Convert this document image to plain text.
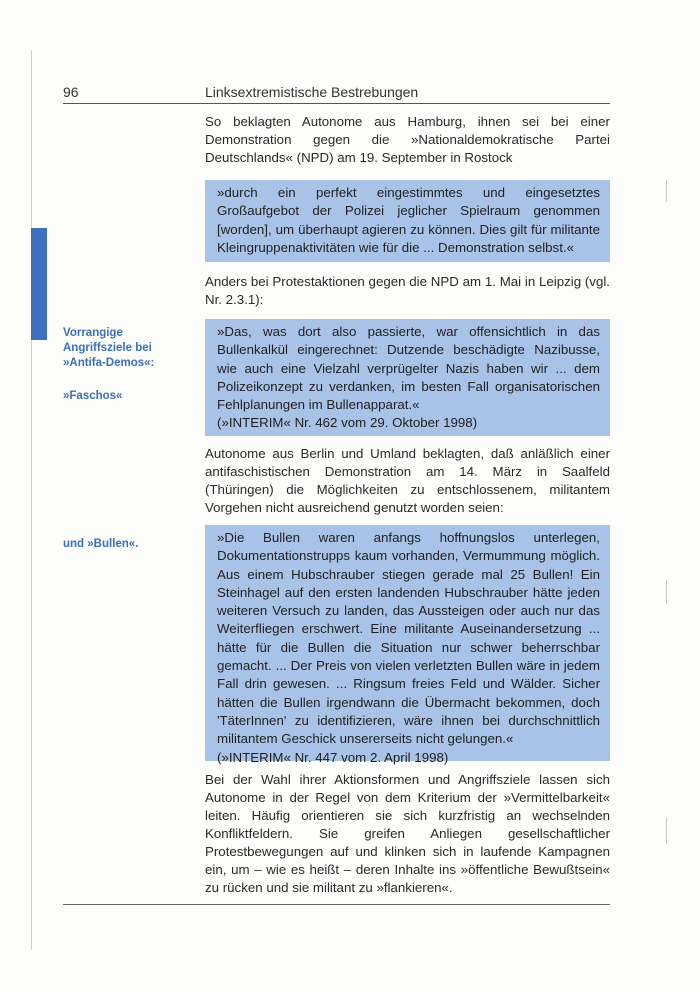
96	Linksextremistische Bestrebungen
Vorrangige Angriffsziele bei »Antifa-Demos«:
»Faschos«
und »Bullen«.
So beklagten Autonome aus Hamburg, ihnen sei bei einer Demonstration gegen die »Nationaldemokratische Partei Deutschlands« (NPD) am 19. September in Rostock
»durch ein perfekt eingestimmtes und eingesetztes Großaufgebot der Polizei jeglicher Spielraum genommen [worden], um überhaupt agieren zu können. Dies gilt für militante Kleingruppenaktivitäten wie für die ... Demonstration selbst.«
Anders bei Protestaktionen gegen die NPD am 1. Mai in Leipzig (vgl. Nr. 2.3.1):
»Das, was dort also passierte, war offensichtlich in das Bullenkalkül eingerechnet: Dutzende beschädigte Nazibusse, wie auch eine Vielzahl verprügelter Nazis haben wir ... dem Polizeikonzept zu verdanken, im besten Fall organisatorischen Fehlplanungen im Bullenapparat.«
(»INTERIM« Nr. 462 vom 29. Oktober 1998)
Autonome aus Berlin und Umland beklagten, daß anläßlich einer antifaschistischen Demonstration am 14. März in Saalfeld (Thüringen) die Möglichkeiten zu entschlossenem, militantem Vorgehen nicht ausreichend genutzt worden seien:
»Die Bullen waren anfangs hoffnungslos unterlegen, Dokumentationstrupps kaum vorhanden, Vermummung möglich. Aus einem Hubschrauber stiegen gerade mal 25 Bullen! Ein Steinhagel auf den ersten landenden Hubschrauber hätte jeden weiteren Versuch zu landen, das Aussteigen oder auch nur das Weiterfliegen erschwert. Eine militante Auseinandersetzung ... hätte für die Bullen die Situation nur schwer beherrschbar gemacht. ... Der Preis von vielen verletzten Bullen wäre in jedem Fall drin gewesen. ... Ringsum freies Feld und Wälder. Sicher hätten die Bullen irgendwann die Übermacht bekommen, doch 'TäterInnen' zu identifizieren, wäre ihnen bei durchschnittlich militantem Geschick unsererseits nicht gelungen.«
(»INTERIM« Nr. 447 vom 2. April 1998)
Bei der Wahl ihrer Aktionsformen und Angriffsziele lassen sich Autonome in der Regel von dem Kriterium der »Vermittelbarkeit« leiten. Häufig orientieren sie sich kurzfristig an wechselnden Konfliktfeldern. Sie greifen Anliegen gesellschaftlicher Protestbewegungen auf und klinken sich in laufende Kampagnen ein, um – wie es heißt – deren Inhalte ins »öffentliche Bewußtsein« zu rücken und sie militant zu »flankieren«.
